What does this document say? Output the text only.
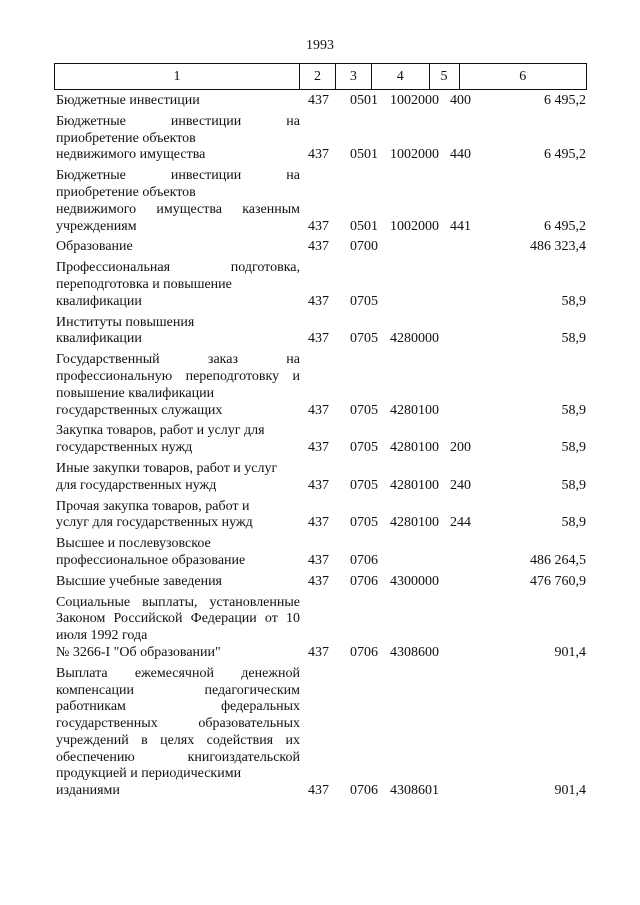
1993
1	2	3	4	5	6
Бюджетные инвестиции	437	0501 1002000 400	6 495,2
Бюджетные инвестиции на приобретение объектов
недвижимого имущества	437	0501 1002000 440	6 495,2
Бюджетные инвестиции на приобретение объектов
недвижимого имущества казенным учреждениям	437	0501 1002000 441	6 495,2
Образование	437	0700	486 323,4
Профессиональная подготовка, переподготовка и повышение
квалификации	437	0705	58,9
Институты повышения
квалификации	437	0705 4280000	58,9
Государственный заказ на профессиональную переподготовку и повышение квалификации
государственных служащих	437	0705 4280100	58,9
Закупка товаров, работ и услуг для
государственных нужд	437	0705 4280100 200	58,9
Иные закупки товаров, работ и услуг
для государственных нужд	437	0705 4280100 240	58,9
Прочая закупка товаров, работ и
услуг для государственных нужд	437	0705 4280100 244	58,9
Высшее и послевузовское
профессиональное образование	437	0706	486 264,5
Высшие учебные заведения	437	0706 4300000	476 760,9
Социальные выплаты, установленные Законом Российской Федерации от 10 июля 1992 года
№ 3266-I "Об образовании"	437	0706 4308600	901,4
Выплата ежемесячной денежной компенсации педагогическим работникам федеральных государственных образовательных учреждений в целях содействия их обеспечению книгоиздательской продукцией и периодическими
изданиями	437	0706 4308601	901,4
